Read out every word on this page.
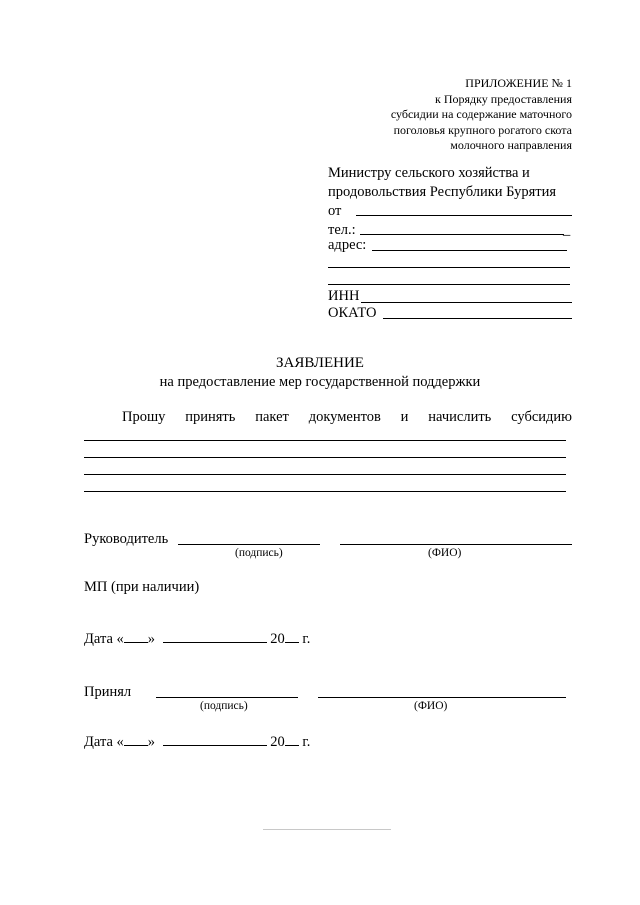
ПРИЛОЖЕНИЕ № 1
к Порядку предоставления
субсидии на содержание маточного
поголовья крупного рогатого скота
молочного направления
Министру сельского хозяйства и
продовольствия Республики Бурятия
от
тел.:	_
адрес:
ИНН
ОКАТО
ЗАЯВЛЕНИЕ
на предоставление мер государственной поддержки
Прошу принять пакет документов и начислить субсидию
Руководитель
(подпись)	(ФИО)
МП (при наличии)
Дата « »	20 г.
Принял
(подпись)	(ФИО)
Дата « »	20 г.
